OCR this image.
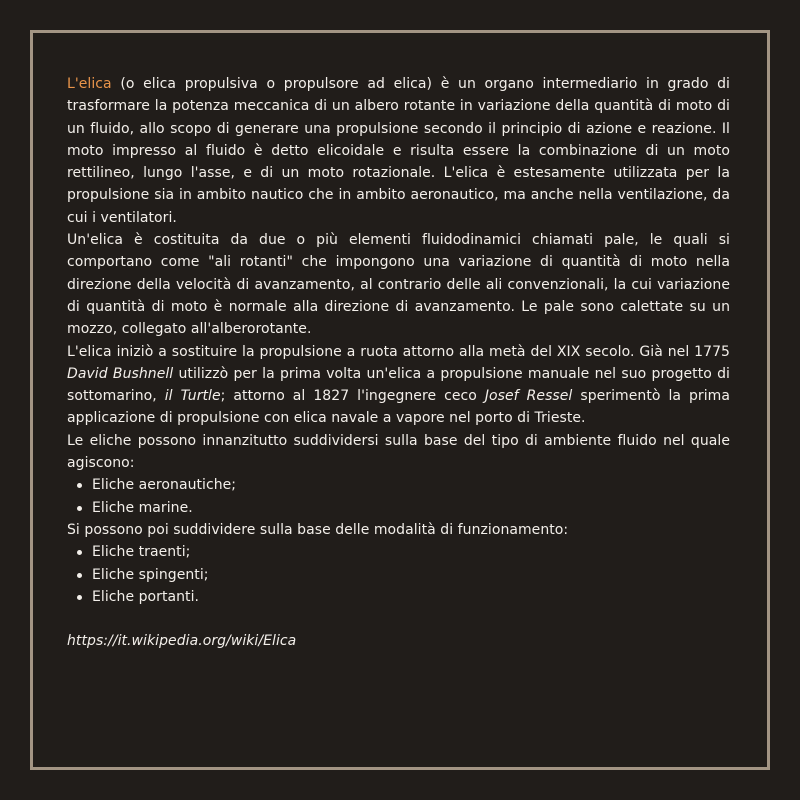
L'elica (o elica propulsiva o propulsore ad elica) è un organo intermediario in grado di trasformare la potenza meccanica di un albero rotante in variazione della quantità di moto di un fluido, allo scopo di generare una propulsione secondo il principio di azione e reazione. Il moto impresso al fluido è detto elicoidale e risulta essere la combinazione di un moto rettilineo, lungo l'asse, e di un moto rotazionale. L'elica è estesamente utilizzata per la propulsione sia in ambito nautico che in ambito aeronautico, ma anche nella ventilazione, da cui i ventilatori.

Un'elica è costituita da due o più elementi fluidodinamici chiamati pale, le quali si comportano come "ali rotanti" che impongono una variazione di quantità di moto nella direzione della velocità di avanzamento, al contrario delle ali convenzionali, la cui variazione di quantità di moto è normale alla direzione di avanzamento. Le pale sono calettate su un mozzo, collegato all'alberorotante.

L'elica iniziò a sostituire la propulsione a ruota attorno alla metà del XIX secolo. Già nel 1775 David Bushnell utilizzò per la prima volta un'elica a propulsione manuale nel suo progetto di sottomarino, il Turtle; attorno al 1827 l'ingegnere ceco Josef Ressel sperimentò la prima applicazione di propulsione con elica navale a vapore nel porto di Trieste.

Le eliche possono innanzitutto suddividersi sulla base del tipo di ambiente fluido nel quale agiscono:

Eliche aeronautiche;
Eliche marine.

Si possono poi suddividere sulla base delle modalità di funzionamento:

Eliche traenti;
Eliche spingenti;
Eliche portanti.

https://it.wikipedia.org/wiki/Elica
